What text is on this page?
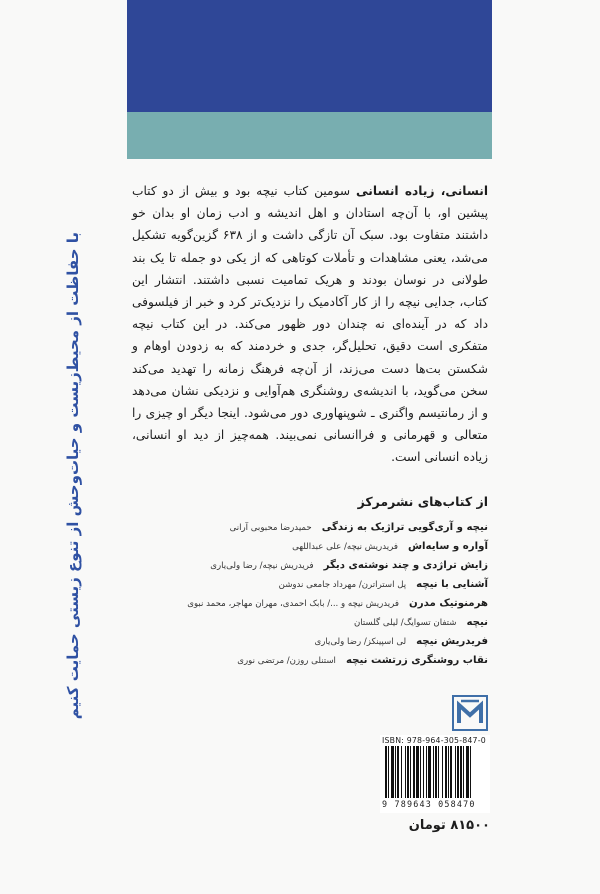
با حفاظت از محیط‌زیست و حیات‌وحش از تنوع زیستی حمایت کنیم

انسانی، زیاده انسانی سومین کتاب نیچه بود و بیش از دو کتاب پیشین او، با آن‌چه استادان و اهل اندیشه و ادب زمان او بدان خو داشتند متفاوت بود. سبک آن تازگی داشت و از ۶۳۸ گزین‌گویه تشکیل می‌شد، یعنی مشاهدات و تأملات کوتاهی که از یکی دو جمله تا یک بند طولانی در نوسان بودند و هریک تمامیت نسبی داشتند. انتشار این کتاب، جدایی نیچه را از کار آکادمیک را نزدیک‌تر کرد و خبر از فیلسوفی داد که در آینده‌ای نه چندان دور ظهور می‌کند. در این کتاب نیچه متفکری است دقیق، تحلیل‌گر، جدی و خردمند که به زدودن اوهام و شکستن بت‌ها دست می‌زند، از آن‌چه فرهنگ زمانه را تهدید می‌کند سخن می‌گوید، با اندیشه‌ی روشنگری هم‌آوایی و نزدیکی نشان می‌دهد و از رمانتیسم واگنری ـ شوپنهاوری دور می‌شود. اینجا دیگر او چیزی را متعالی و قهرمانی و فراانسانی نمی‌بیند. همه‌چیز از دید او انسانی، زیاده انسانی است.

از کتاب‌های نشرمرکز
نیچه و آری‌گویی تراژیک به زندگی
حمیدرضا محبوبی آرانی
آواره و سایه‌اش
فریدریش نیچه/ علی عبداللهی
زایش تراژدی و چند نوشته‌ی دیگر
فریدریش نیچه/ رضا ولی‌یاری
آشنایی با نیچه
پل استراترن/ مهرداد جامعی ندوشن
هرمنوتیک مدرن
فریدریش نیچه و .../ بابک احمدی، مهران مهاجر، محمد نبوی
نیچه
شتفان تسوایگ/ لیلی گلستان
فریدریش نیچه
لی اسپینکز/ رضا ولی‌یاری
نقاب روشنگری زرتشت نیچه
استنلی روزن/ مرتضی نوری
ISBN: 978-964-305-847-0
9 789643 058470
۸۱۵۰۰ تومان
